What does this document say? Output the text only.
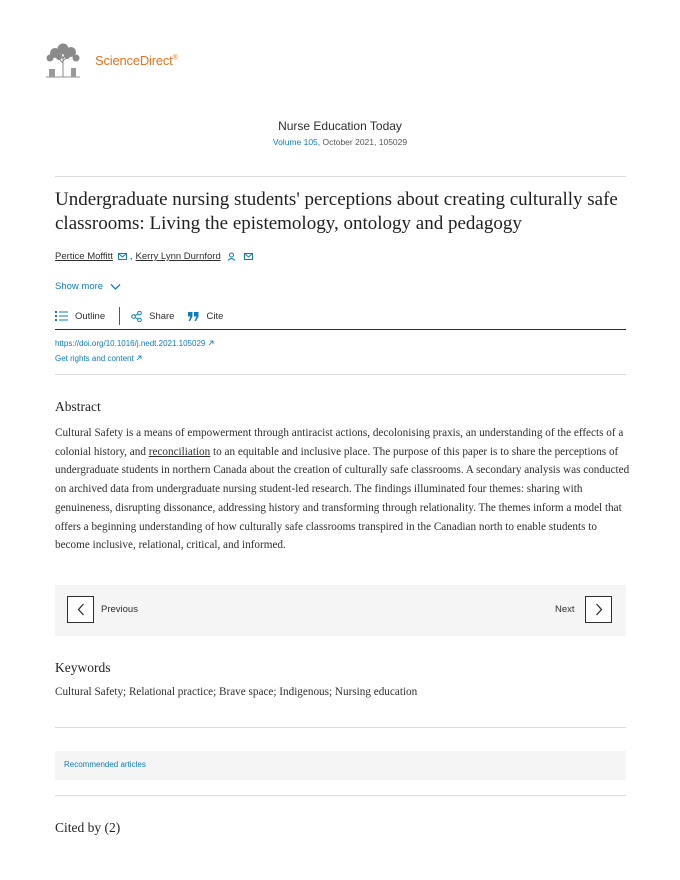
ScienceDirect®
Nurse Education Today
Volume 105, October 2021, 105029
Undergraduate nursing students' perceptions about creating culturally safe classrooms: Living the epistemology, ontology and pedagogy
Pertice Moffitt , Kerry Lynn Durnford
Show more
Outline	Share	Cite
https://doi.org/10.1016/j.nedt.2021.105029
Get rights and content
Abstract
Cultural Safety is a means of empowerment through antiracist actions, decolonising praxis, an understanding of the effects of a colonial history, and reconciliation to an equitable and inclusive place. The purpose of this paper is to share the perceptions of undergraduate students in northern Canada about the creation of culturally safe classrooms. A secondary analysis was conducted on archived data from undergraduate nursing student-led research. The findings illuminated four themes: sharing with genuineness, disrupting dissonance, addressing history and transforming through relationality. The themes inform a model that offers a beginning understanding of how culturally safe classrooms transpired in the Canadian north to enable students to become inclusive, relational, critical, and informed.
Previous	Next
Keywords
Cultural Safety; Relational practice; Brave space; Indigenous; Nursing education
Recommended articles
Cited by (2)
